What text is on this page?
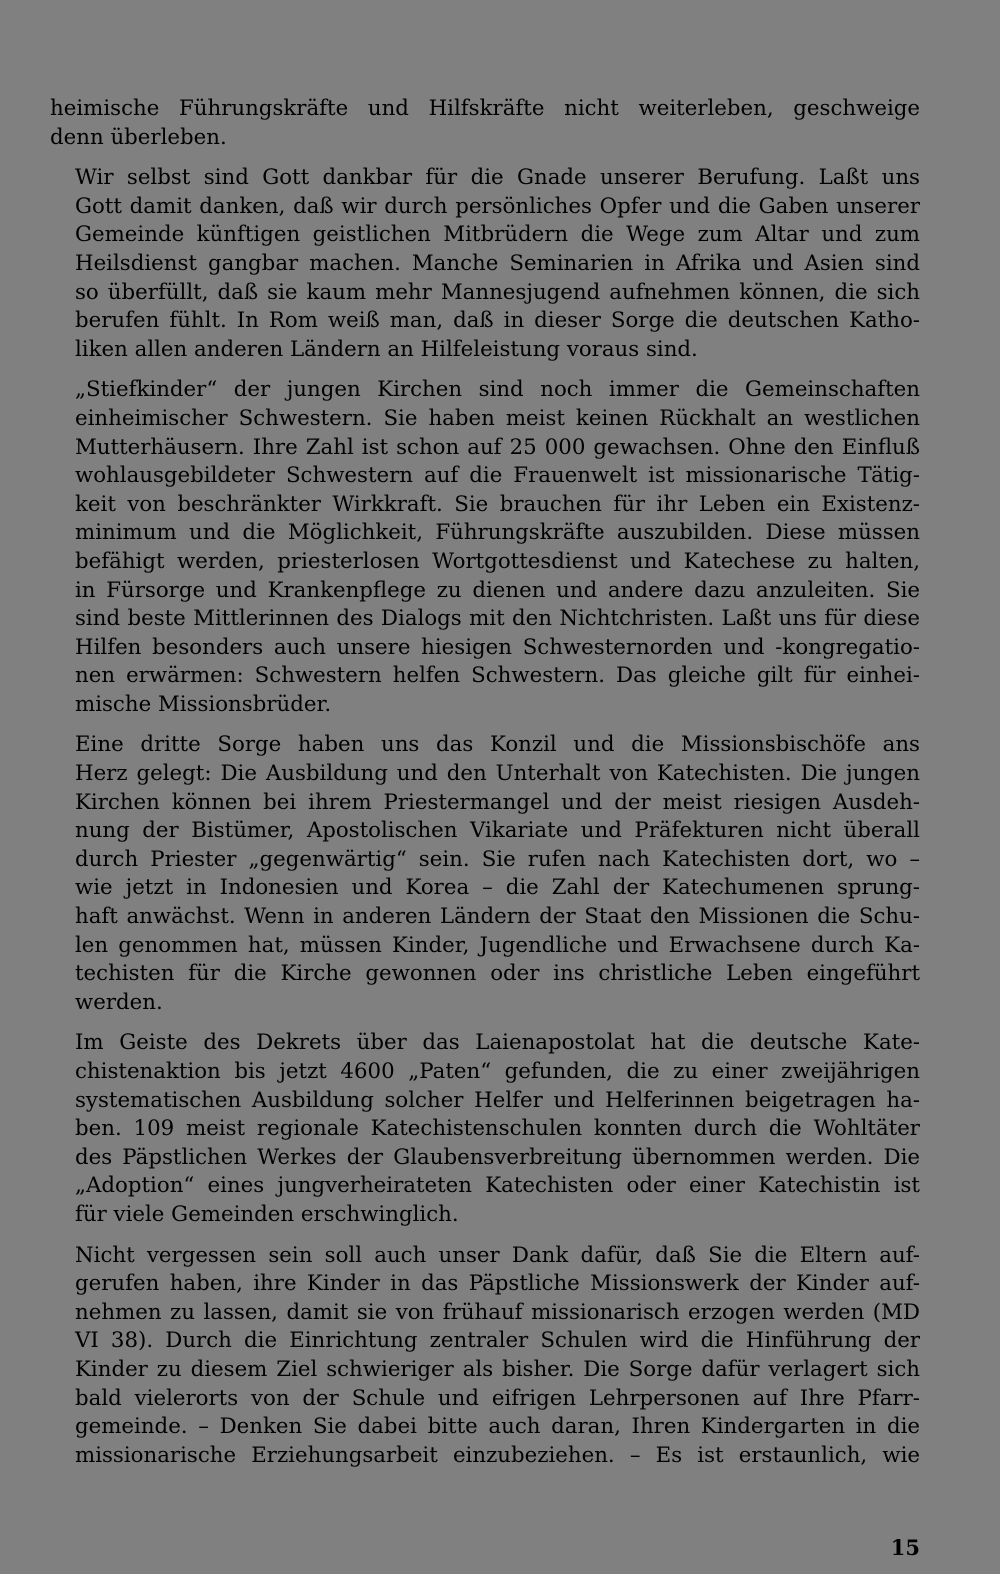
heimische Führungskräfte und Hilfskräfte nicht weiterleben, geschweige
denn überleben.

Wir selbst sind Gott dankbar für die Gnade unserer Berufung. Laßt uns
Gott damit danken, daß wir durch persönliches Opfer und die Gaben unserer
Gemeinde künftigen geistlichen Mitbrüdern die Wege zum Altar und zum
Heilsdienst gangbar machen. Manche Seminarien in Afrika und Asien sind
so überfüllt, daß sie kaum mehr Mannesjugend aufnehmen können, die sich
berufen fühlt. In Rom weiß man, daß in dieser Sorge die deutschen Katho-
liken allen anderen Ländern an Hilfeleistung voraus sind.

„Stiefkinder“ der jungen Kirchen sind noch immer die Gemeinschaften
einheimischer Schwestern. Sie haben meist keinen Rückhalt an westlichen
Mutterhäusern. Ihre Zahl ist schon auf 25 000 gewachsen. Ohne den Einfluß
wohlausgebildeter Schwestern auf die Frauenwelt ist missionarische Tätig-
keit von beschränkter Wirkkraft. Sie brauchen für ihr Leben ein Existenz-
minimum und die Möglichkeit, Führungskräfte auszubilden. Diese müssen
befähigt werden, priesterlosen Wortgottesdienst und Katechese zu halten,
in Fürsorge und Krankenpflege zu dienen und andere dazu anzuleiten. Sie
sind beste Mittlerinnen des Dialogs mit den Nichtchristen. Laßt uns für diese
Hilfen besonders auch unsere hiesigen Schwesternorden und -kongregatio-
nen erwärmen: Schwestern helfen Schwestern. Das gleiche gilt für einhei-
mische Missionsbrüder.

Eine dritte Sorge haben uns das Konzil und die Missionsbischöfe ans
Herz gelegt: Die Ausbildung und den Unterhalt von Katechisten. Die jungen
Kirchen können bei ihrem Priestermangel und der meist riesigen Ausdeh-
nung der Bistümer, Apostolischen Vikariate und Präfekturen nicht überall
durch Priester „gegenwärtig“ sein. Sie rufen nach Katechisten dort, wo –
wie jetzt in Indonesien und Korea – die Zahl der Katechumenen sprung-
haft anwächst. Wenn in anderen Ländern der Staat den Missionen die Schu-
len genommen hat, müssen Kinder, Jugendliche und Erwachsene durch Ka-
techisten für die Kirche gewonnen oder ins christliche Leben eingeführt
werden.

Im Geiste des Dekrets über das Laienapostolat hat die deutsche Kate-
chistenaktion bis jetzt 4600 „Paten“ gefunden, die zu einer zweijährigen
systematischen Ausbildung solcher Helfer und Helferinnen beigetragen ha-
ben. 109 meist regionale Katechistenschulen konnten durch die Wohltäter
des Päpstlichen Werkes der Glaubensverbreitung übernommen werden. Die
„Adoption“ eines jungverheirateten Katechisten oder einer Katechistin ist
für viele Gemeinden erschwinglich.

Nicht vergessen sein soll auch unser Dank dafür, daß Sie die Eltern auf-
gerufen haben, ihre Kinder in das Päpstliche Missionswerk der Kinder auf-
nehmen zu lassen, damit sie von frühauf missionarisch erzogen werden (MD
VI 38). Durch die Einrichtung zentraler Schulen wird die Hinführung der
Kinder zu diesem Ziel schwieriger als bisher. Die Sorge dafür verlagert sich
bald vielerorts von der Schule und eifrigen Lehrpersonen auf Ihre Pfarr-
gemeinde. – Denken Sie dabei bitte auch daran, Ihren Kindergarten in die
missionarische Erziehungsarbeit einzubeziehen. – Es ist erstaunlich, wie

15
